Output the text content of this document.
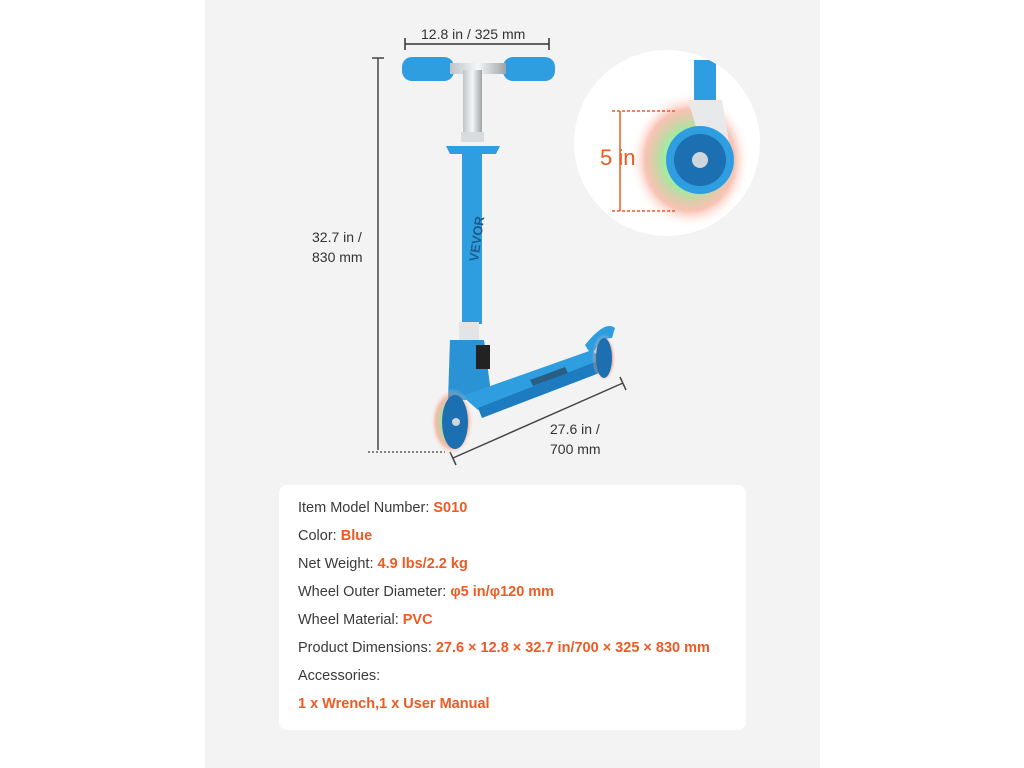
VEVOR
12.8 in / 325 mm
32.7 in /
830 mm
27.6 in /
700 mm
5 in
Item Model Number: S010
Color: Blue
Net Weight: 4.9 lbs/2.2 kg
Wheel Outer Diameter: φ5 in/φ120 mm
Wheel Material: PVC
Product Dimensions: 27.6 × 12.8 × 32.7 in/700 × 325 × 830 mm
Accessories:
1 x Wrench,1 x User Manual
